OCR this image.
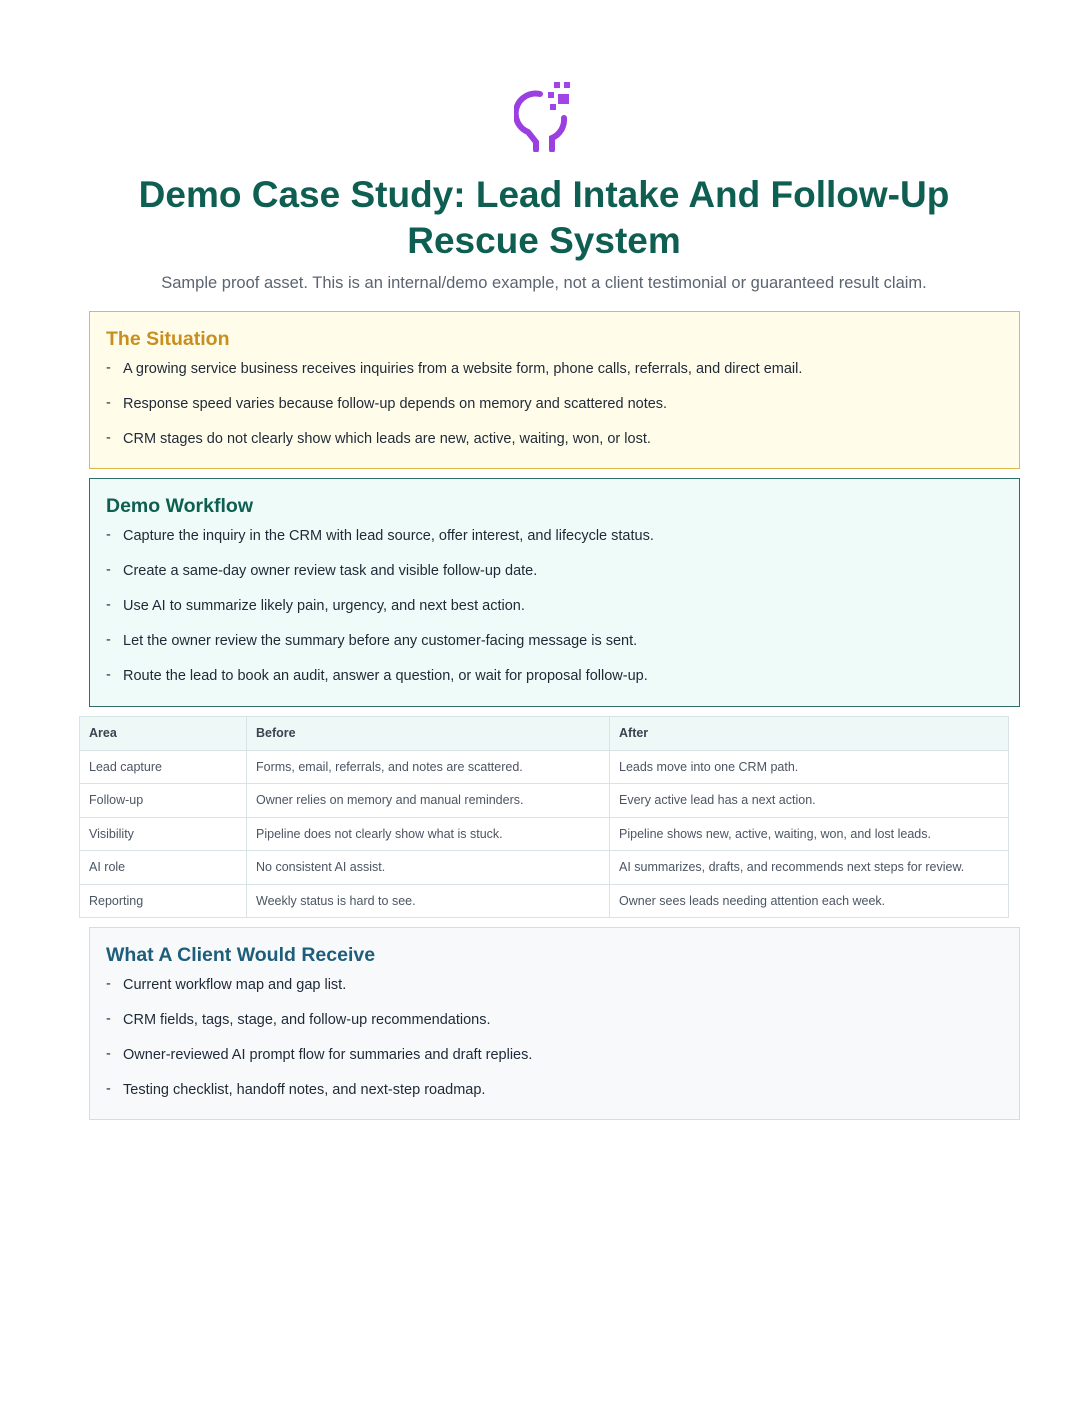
Demo Case Study: Lead Intake And Follow-Up Rescue System

Sample proof asset. This is an internal/demo example, not a client testimonial or guaranteed result claim.

The Situation
- A growing service business receives inquiries from a website form, phone calls, referrals, and direct email.
- Response speed varies because follow-up depends on memory and scattered notes.
- CRM stages do not clearly show which leads are new, active, waiting, won, or lost.
Demo Workflow
- Capture the inquiry in the CRM with lead source, offer interest, and lifecycle status.
- Create a same-day owner review task and visible follow-up date.
- Use AI to summarize likely pain, urgency, and next best action.
- Let the owner review the summary before any customer-facing message is sent.
- Route the lead to book an audit, answer a question, or wait for proposal follow-up.
Area	Before	After
Lead capture	Forms, email, referrals, and notes are scattered.	Leads move into one CRM path.
Follow-up	Owner relies on memory and manual reminders.	Every active lead has a next action.
Visibility	Pipeline does not clearly show what is stuck.	Pipeline shows new, active, waiting, won, and lost leads.
AI role	No consistent AI assist.	AI summarizes, drafts, and recommends next steps for review.
Reporting	Weekly status is hard to see.	Owner sees leads needing attention each week.
What A Client Would Receive
- Current workflow map and gap list.
- CRM fields, tags, stage, and follow-up recommendations.
- Owner-reviewed AI prompt flow for summaries and draft replies.
- Testing checklist, handoff notes, and next-step roadmap.
